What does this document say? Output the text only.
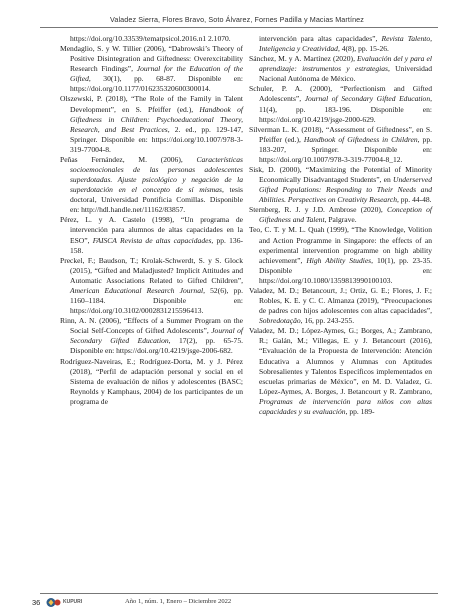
Valadez Sierra, Flores Bravo, Soto Álvarez, Fornes Padilla y Macias Martínez

https://doi.org/10.33539/tematpsicol.2016.n1 2.1070.

Mendaglio, S. y W. Tillier (2006), “Dabrowski’s Theory of Positive Disintegration and Giftedness: Overexcitability Research Findings”, Journal for the Education of the Gifted, 30(1), pp. 68-87. Disponible en: https://doi.org/10.1177/016235320600300014.

Olszewski, P. (2018), “The Role of the Family in Talent Development”, en S. Pfeiffer (ed.), Handbook of Giftedness in Children: Psychoeducational Theory, Research, and Best Practices, 2. ed., pp. 129-147, Springer. Disponible en: https://doi.org/10.1007/978-3-319-77004-8.

Peñas Fernández, M. (2006), Características socioemocionales de las personas adolescentes superdotadas. Ajuste psicológico y negación de la superdotación en el concepto de sí mismas, tesis doctoral, Universidad Pontificia Comillas. Disponible en: http://hdl.handle.net/11162/83857.

Pérez, L. y A. Castelo (1998), “Un programa de intervención para alumnos de altas capacidades en la ESO”, FAISCA Revista de altas capacidades, pp. 136-158.

Preckel, F.; Baudson, T.; Krolak-Schwerdt, S. y S. Glock (2015), “Gifted and Maladjusted? Implicit Attitudes and Automatic Associations Related to Gifted Children”, American Educational Research Journal, 52(6), pp. 1160–1184. Disponible en: https://doi.org/10.3102/0002831215596413.

Rinn, A. N. (2006), “Effects of a Summer Program on the Social Self-Concepts of Gifted Adolescents”, Journal of Secondary Gifted Education, 17(2), pp. 65-75. Disponible en: https://doi.org/10.4219/jsge-2006-682.

Rodríguez-Naveiras, E.; Rodríguez-Dorta, M. y J. Pérez (2018), “Perfil de adaptación personal y social en el Sistema de evaluación de niños y adolescentes (BASC; Reynolds y Kamphaus, 2004) de los participantes de un programa de

intervención para altas capacidades”, Revista Talento, Inteligencia y Creatividad, 4(8), pp. 15-26.

Sánchez, M. y A. Martínez (2020), Evaluación del y para el aprendizaje: instrumentos y estrategias, Universidad Nacional Autónoma de México.

Schuler, P. A. (2000), “Perfectionism and Gifted Adolescents”, Journal of Secondary Gifted Education, 11(4), pp. 183-196. Disponible en: https://doi.org/10.4219/jsge-2000-629.

Silverman L. K. (2018), “Assessment of Giftedness”, en S. Pfeiffer (ed.), Handbook of Giftedness in Children, pp. 183-207, Springer. Disponible en: https://doi.org/10.1007/978-3-319-77004-8_12.

Sisk, D. (2000), “Maximizing the Potential of Minority Economically Disadvantaged Students”, en Underserved Gifted Populations: Responding to Their Needs and Abilities. Perspectives on Creativity Research, pp. 44-48.

Sternberg, R. J. y J.D. Ambrose (2020), Conception of Giftedness and Talent, Palgrave.

Teo, C. T. y M. L. Quah (1999), “The Knowledge, Volition and Action Programme in Singapore: the effects of an experimental intervention programme on high ability achievement”, High Ability Studies, 10(1), pp. 23-35. Disponible en: https://doi.org/10.1080/1359813990100103.

Valadez, M. D.; Betancourt, J.; Ortiz, G. E.; Flores, J. F.; Robles, K. E. y C. C. Almanza (2019), “Preocupaciones de padres con hijos adolescentes con altas capacidades”, Sobredotação, 16, pp. 243-255.

Valadez, M. D.; López-Aymes, G.; Borges, A.; Zambrano, R.; Galán, M.; Villegas, E. y J. Betancourt (2016), “Evaluación de la Propuesta de Intervención: Atención Educativa a Alumnos y Alumnas con Aptitudes Sobresalientes y Talentos Específicos implementados en escuelas primarias de México”, en M. D. Valadez, G. López-Aymes, A. Borges, J. Betancourt y R. Zambrano, Programas de intervención para niños con altas capacidades y su evaluación, pp. 189-

36	KUPURI	Año 1, núm. 1, Enero – Diciembre 2022
